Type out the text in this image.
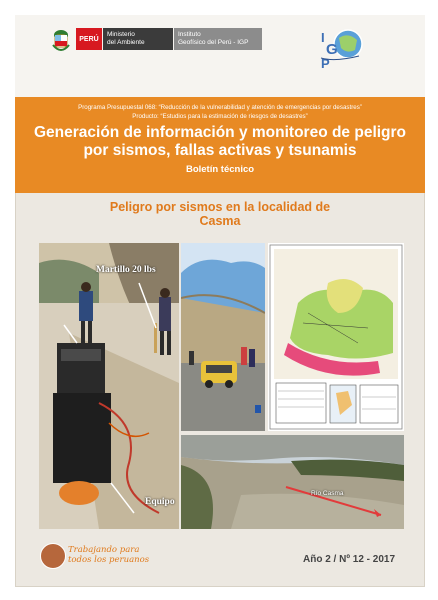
PERÚ
Ministerio
del Ambiente
Instituto
Geofísico del Perú - IGP	I
G
P
Programa Presupuestal 068: “Reducción de la vulnerabilidad y atención de emergencias por desastres”
Producto: “Estudios para la estimación de riesgos de desastres”
Generación de información y monitoreo de peligro por sismos, fallas activas y tsunamis
Boletín técnico
Peligro por sismos en la localidad de Casma
Martillo 20 lbs
Equipo
Río Casma
Trabajando para todos los peruanos	Año 2 / Nº 12 - 2017
